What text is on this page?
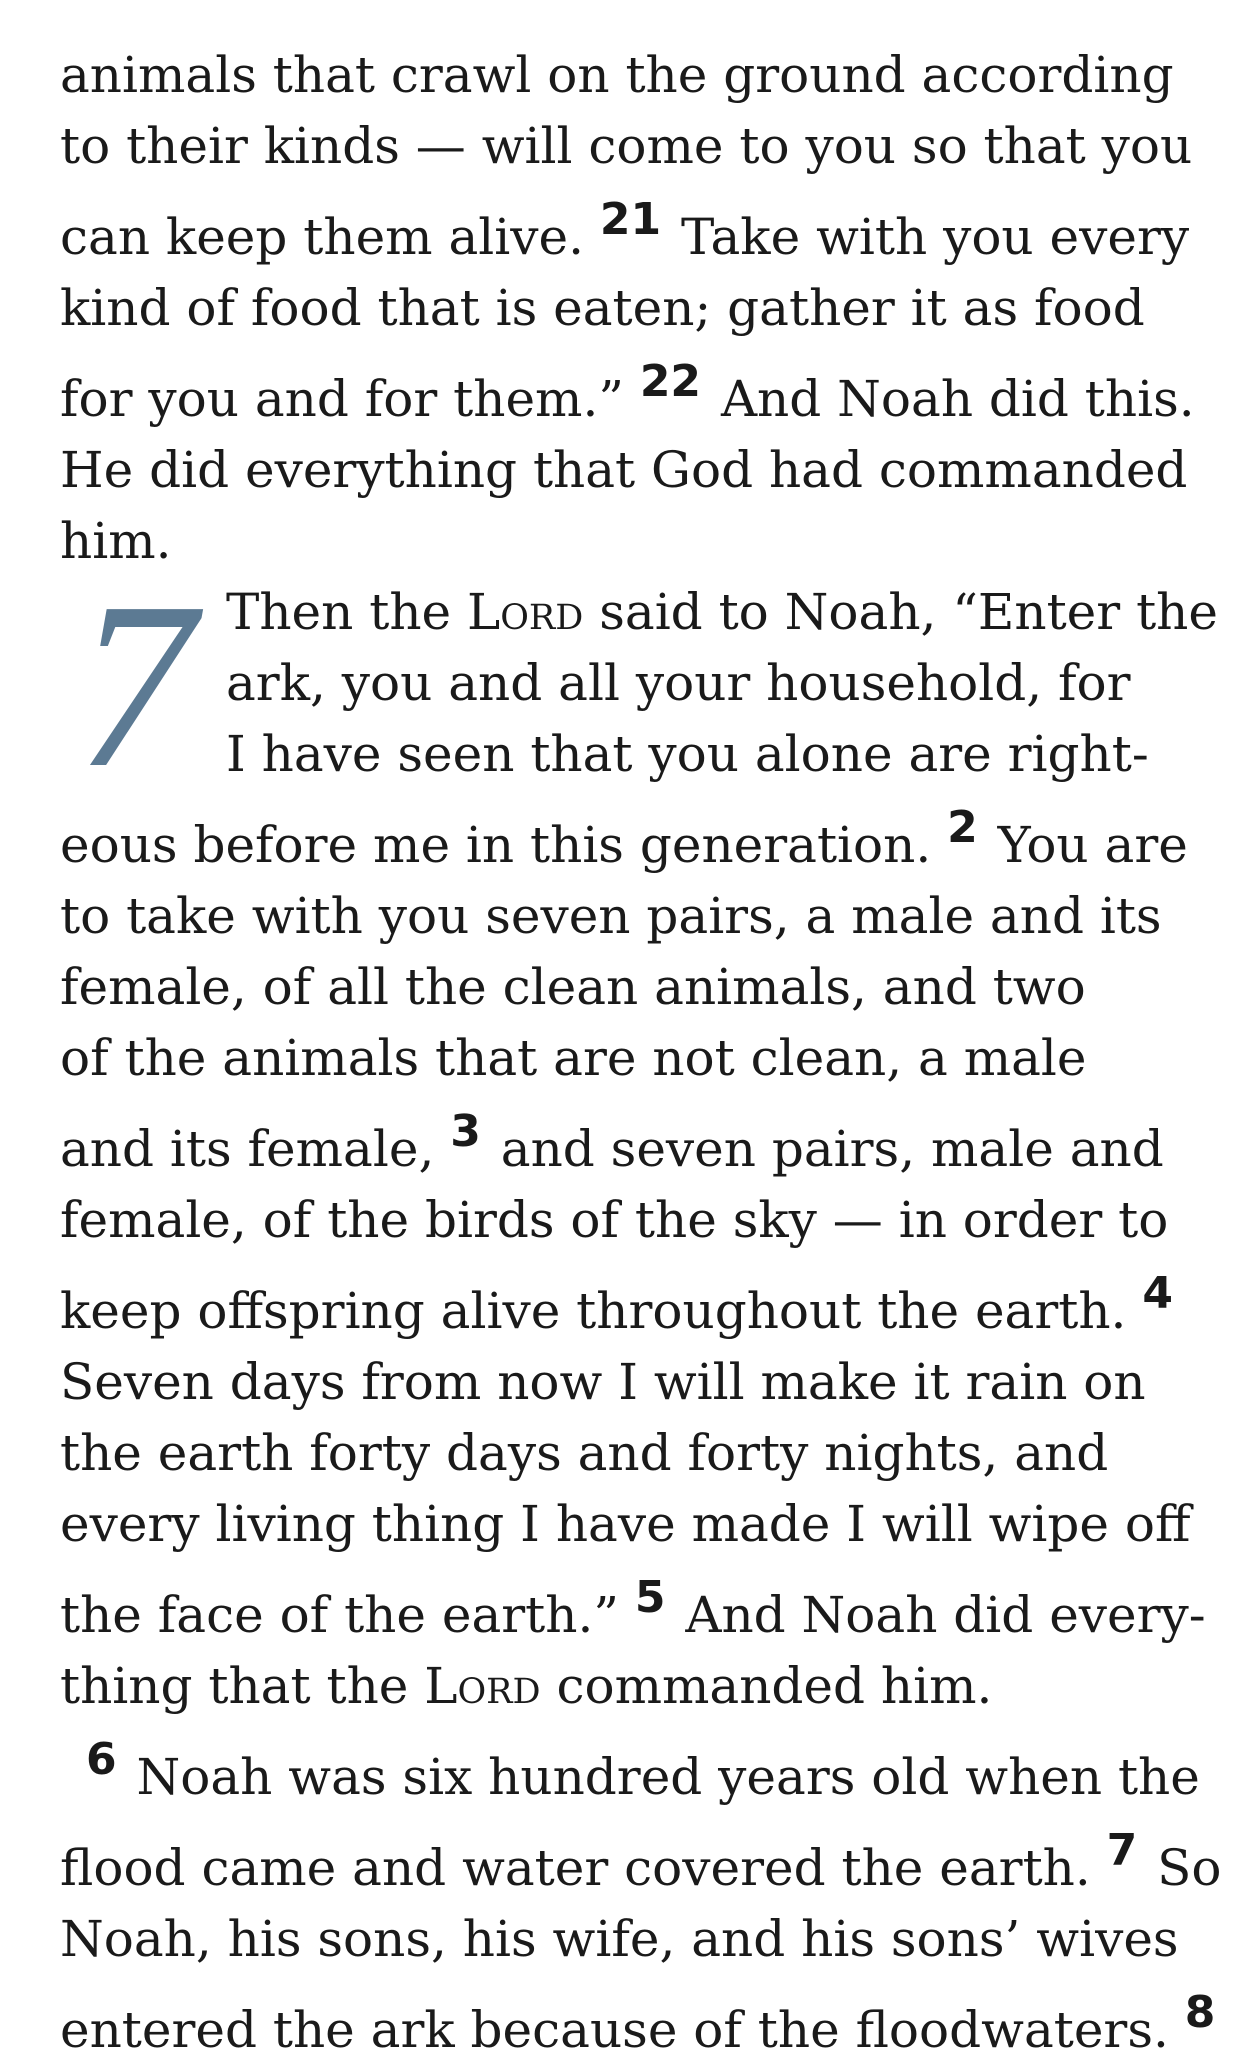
animals that crawl on the ground according
to their kinds — will come to you so that you
can keep them alive. 21 Take with you every
kind of food that is eaten; gather it as food
for you and for them.” 22 And Noah did this.
He did everything that God had commanded
him.
7 Then the Lord said to Noah, “Enter the
ark, you and all your household, for
I have seen that you alone are right-
eous before me in this generation. 2 You are
to take with you seven pairs, a male and its
female, of all the clean animals, and two
of the animals that are not clean, a male
and its female, 3 and seven pairs, male and
female, of the birds of the sky — in order to
keep offspring alive throughout the earth. 4
Seven days from now I will make it rain on
the earth forty days and forty nights, and
every living thing I have made I will wipe off
the face of the earth.” 5 And Noah did every-
thing that the Lord commanded him.
6 Noah was six hundred years old when the
flood came and water covered the earth. 7 So
Noah, his sons, his wife, and his sons’ wives
entered the ark because of the floodwaters. 8
